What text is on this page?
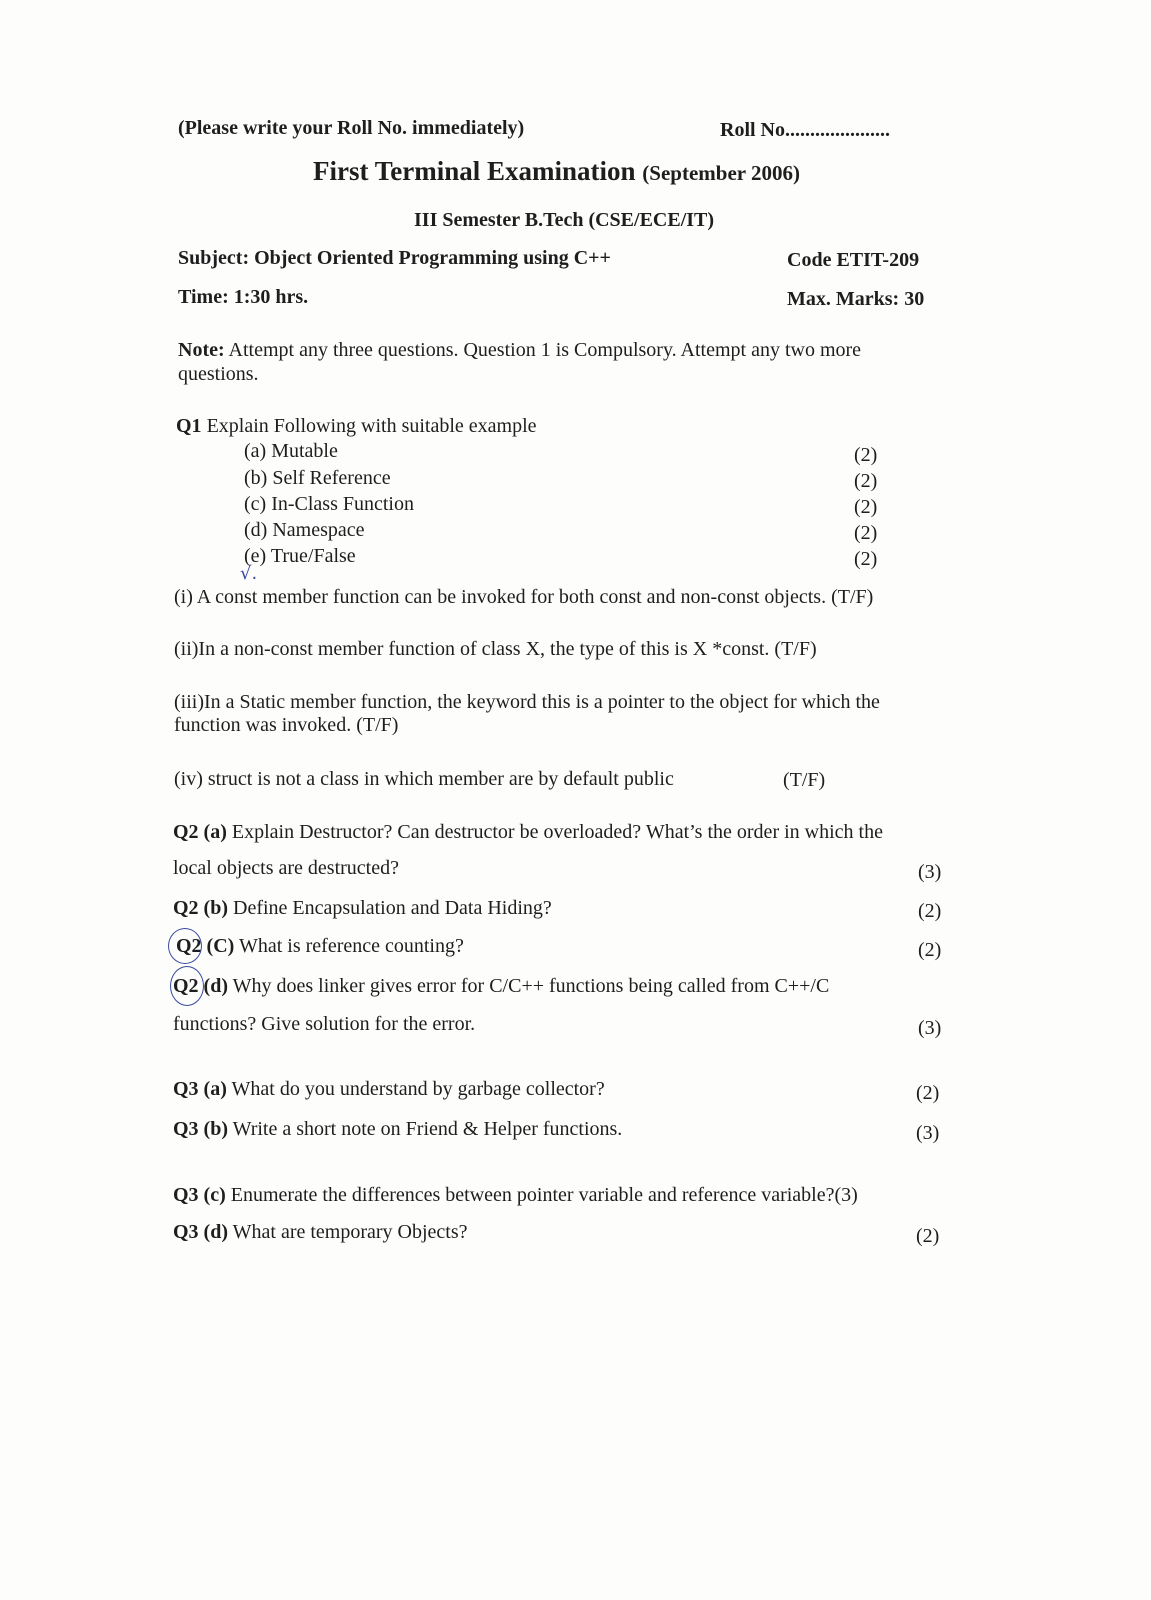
(Please write your Roll No. immediately)	Roll No.....................
First Terminal Examination (September 2006)
III Semester B.Tech (CSE/ECE/IT)
Subject: Object Oriented Programming using C++	Code ETIT-209
Time: 1:30 hrs.	Max. Marks: 30
Note: Attempt any three questions. Question 1 is Compulsory. Attempt any two more
questions.
Q1 Explain Following with suitable example
(a) Mutable	(2)
(b) Self Reference	(2)
(c) In-Class Function	(2)
(d) Namespace	(2)
(e) True/False	(2)
√.
(i) A const member function can be invoked for both const and non-const objects. (T/F)
(ii)In a non-const member function of class X, the type of this is X *const. (T/F)
(iii)In a Static member function, the keyword this is a pointer to the object for which the
function was invoked. (T/F)
(iv) struct is not a class in which member are by default public	(T/F)
Q2 (a) Explain Destructor? Can destructor be overloaded? What’s the order in which the
local objects are destructed?	(3)
Q2 (b) Define Encapsulation and Data Hiding?	(2)
Q2 (C) What is reference counting?	(2)
Q2 (d) Why does linker gives error for C/C++ functions being called from C++/C
functions? Give solution for the error.	(3)
Q3 (a) What do you understand by garbage collector?	(2)
Q3 (b) Write a short note on Friend & Helper functions.	(3)
Q3 (c) Enumerate the differences between pointer variable and reference variable?(3)
Q3 (d) What are temporary Objects?	(2)
